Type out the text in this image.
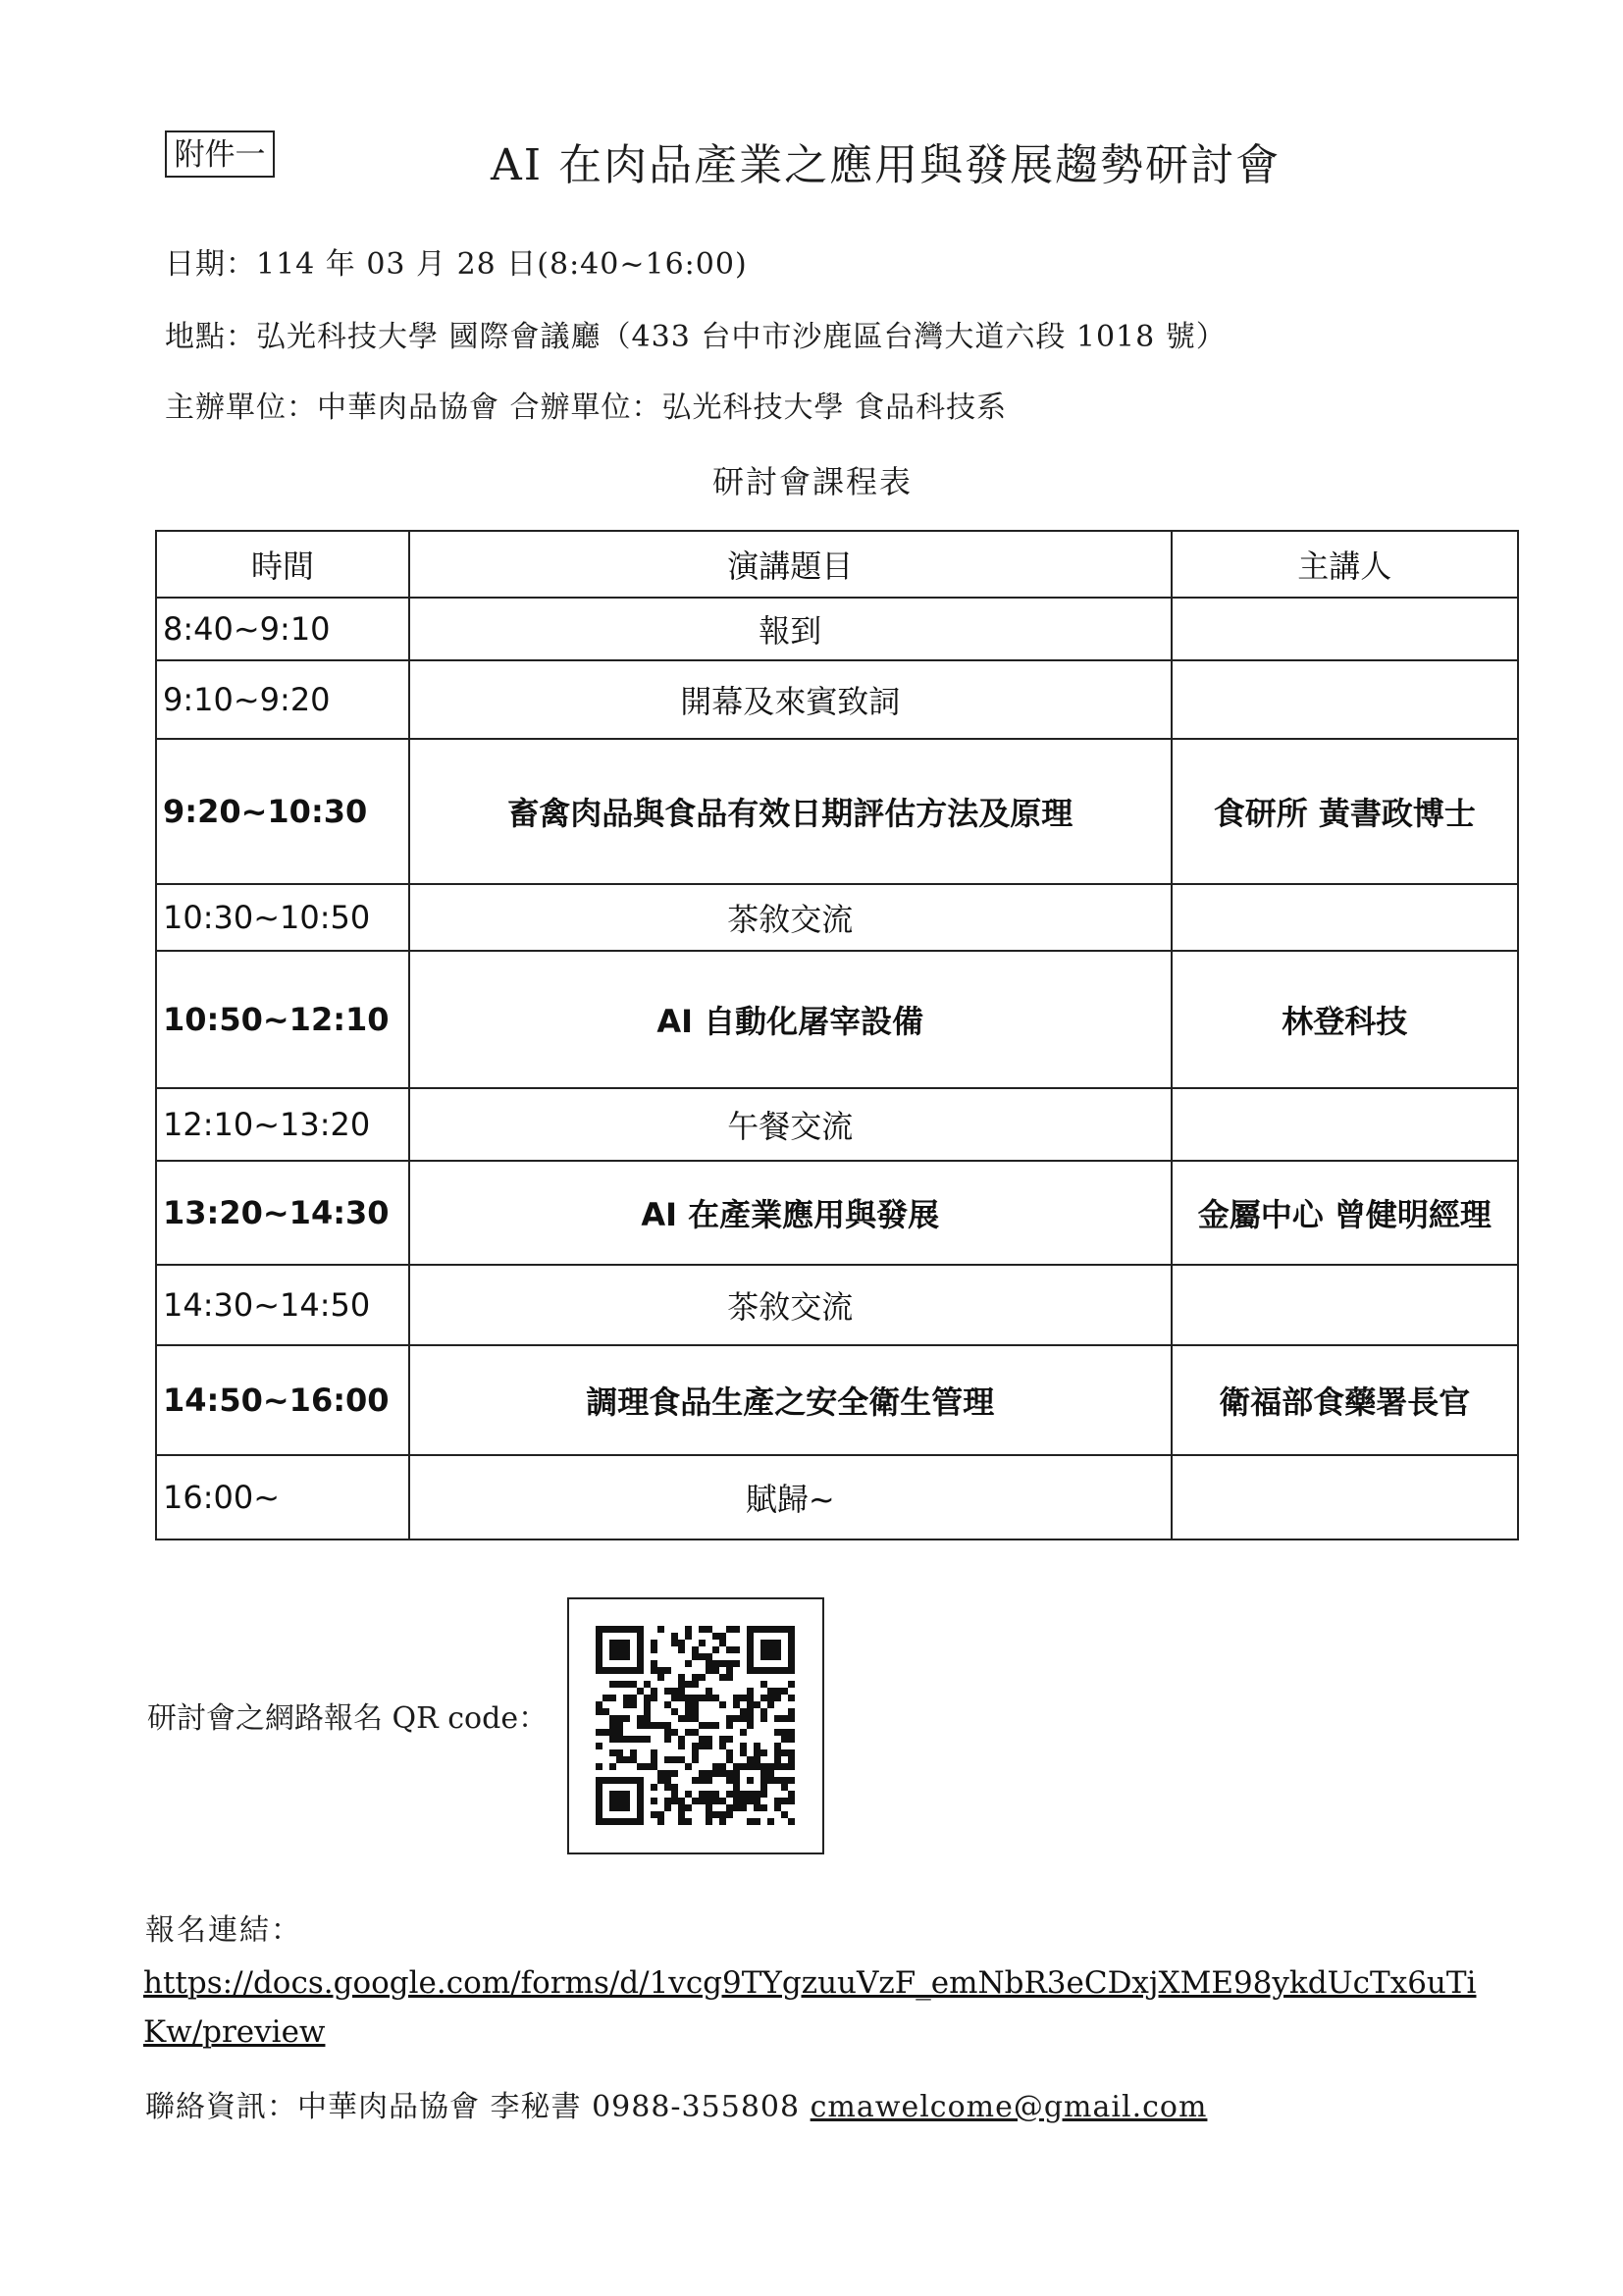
附件一	AI 在肉品產業之應用與發展趨勢研討會
日期：114 年 03 月 28 日(8:40~16:00)
地點：弘光科技大學 國際會議廳（433 台中市沙鹿區台灣大道六段 1018 號）
主辦單位：中華肉品協會 合辦單位：弘光科技大學 食品科技系
研討會課程表
時間	演講題目	主講人
8:40~9:10	報到	
9:10~9:20	開幕及來賓致詞	
9:20~10:30	畜禽肉品與食品有效日期評估方法及原理	食研所 黃書政博士
10:30~10:50	茶敘交流	
10:50~12:10	AI 自動化屠宰設備	林登科技
12:10~13:20	午餐交流	
13:20~14:30	AI 在產業應用與發展	金屬中心 曾健明經理
14:30~14:50	茶敘交流	
14:50~16:00	調理食品生產之安全衛生管理	衛福部食藥署長官
16:00~	賦歸~	
研討會之網路報名 QR code：
報名連結：
https://docs.google.com/forms/d/1vcg9TYgzuuVzF_emNbR3eCDxjXME98ykdUcTx6uTiKw/preview
聯絡資訊：中華肉品協會 李秘書 0988-355808 cmawelcome@gmail.com
